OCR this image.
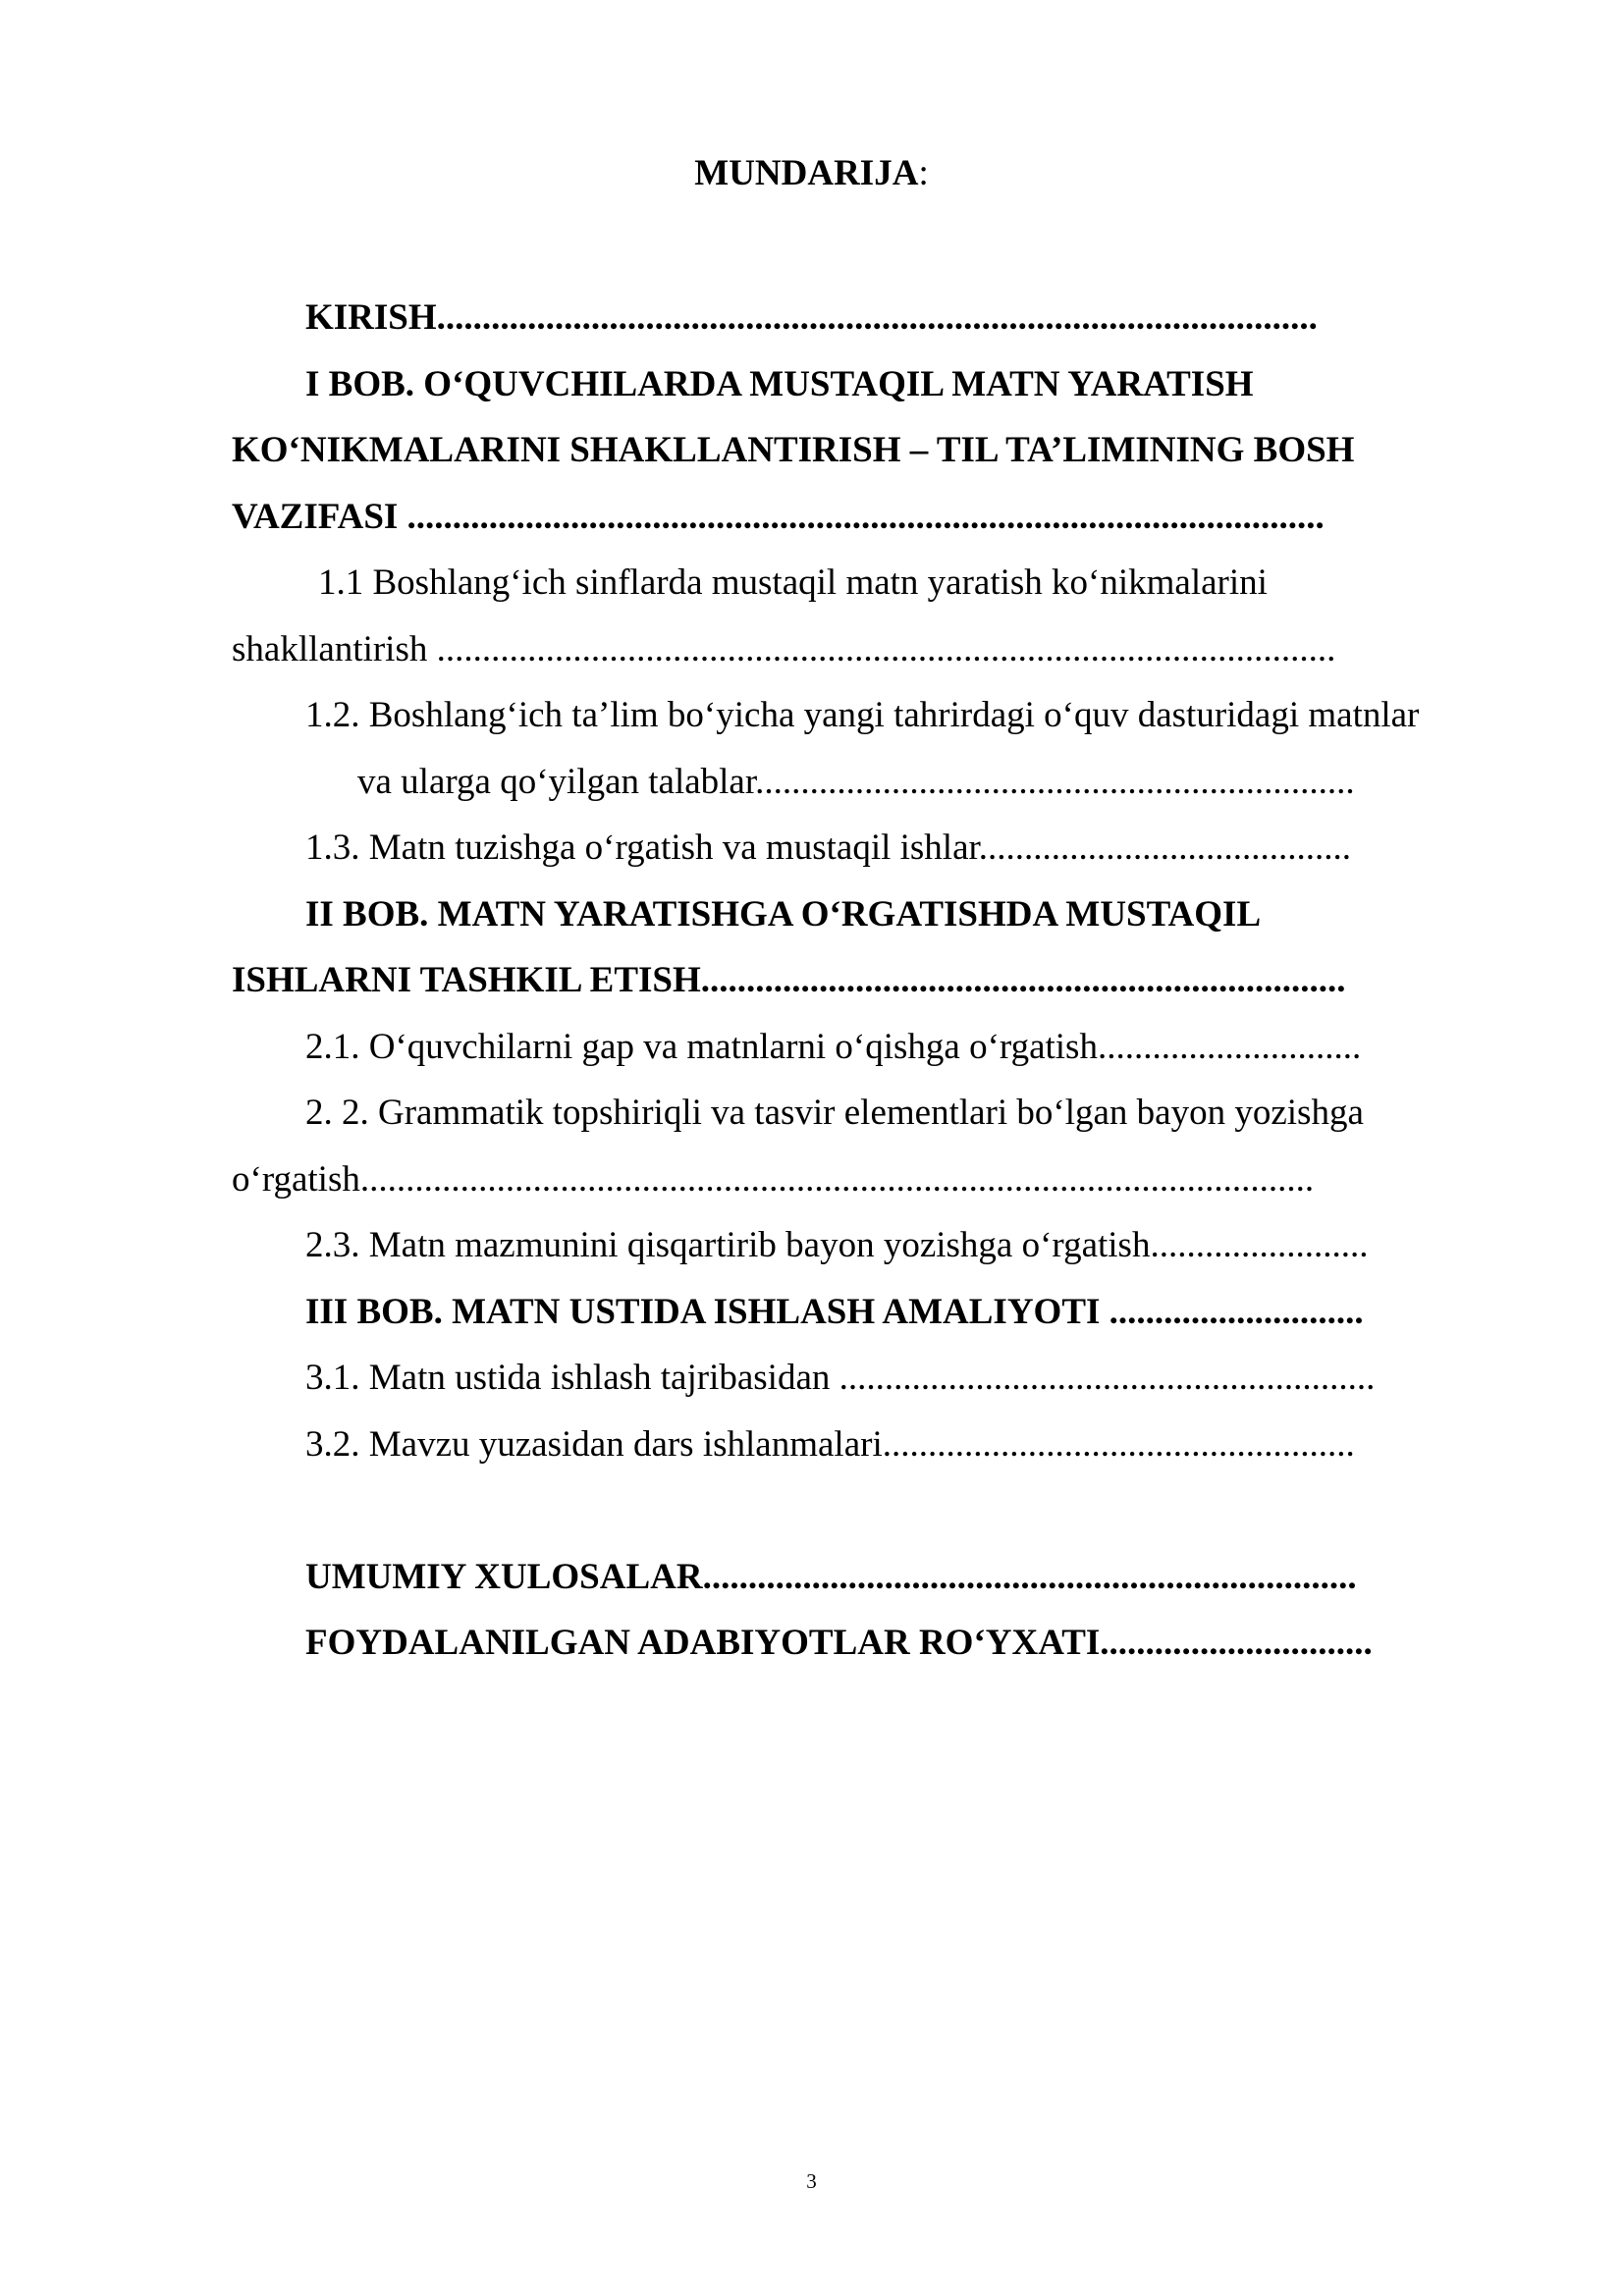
MUNDARIJA:
KIRISH.................................................................................................
I BOB. O‘QUVCHILARDA MUSTAQIL MATN YARATISH
KO‘NIKMALARINI SHAKLLANTIRISH – TIL TA’LIMINING BOSH
VAZIFASI .....................................................................................................
1.1 Boshlang‘ich sinflarda mustaqil matn yaratish ko‘nikmalarini
shakllantirish ...................................................................................................
1.2. Boshlang‘ich ta’lim bo‘yicha yangi tahrirdagi o‘quv dasturidagi matnlar
va ularga qo‘yilgan talablar..................................................................
1.3. Matn tuzishga o‘rgatish va mustaqil ishlar.........................................
II BOB. MATN YARATISHGA O‘RGATISHDA MUSTAQIL
ISHLARNI TASHKIL ETISH.......................................................................
2.1. O‘quvchilarni gap va matnlarni o‘qishga o‘rgatish.............................
2. 2. Grammatik topshiriqli va tasvir elementlari bo‘lgan bayon yozishga
o‘rgatish.........................................................................................................
2.3. Matn mazmunini qisqartirib bayon yozishga o‘rgatish........................
III BOB. MATN USTIDA ISHLASH AMALIYOTI ............................
3.1. Matn ustida ishlash tajribasidan ...........................................................
3.2. Mavzu yuzasidan dars ishlanmalari....................................................
UMUMIY XULOSALAR........................................................................
FOYDALANILGAN ADABIYOTLAR RO‘YXATI..............................
3
